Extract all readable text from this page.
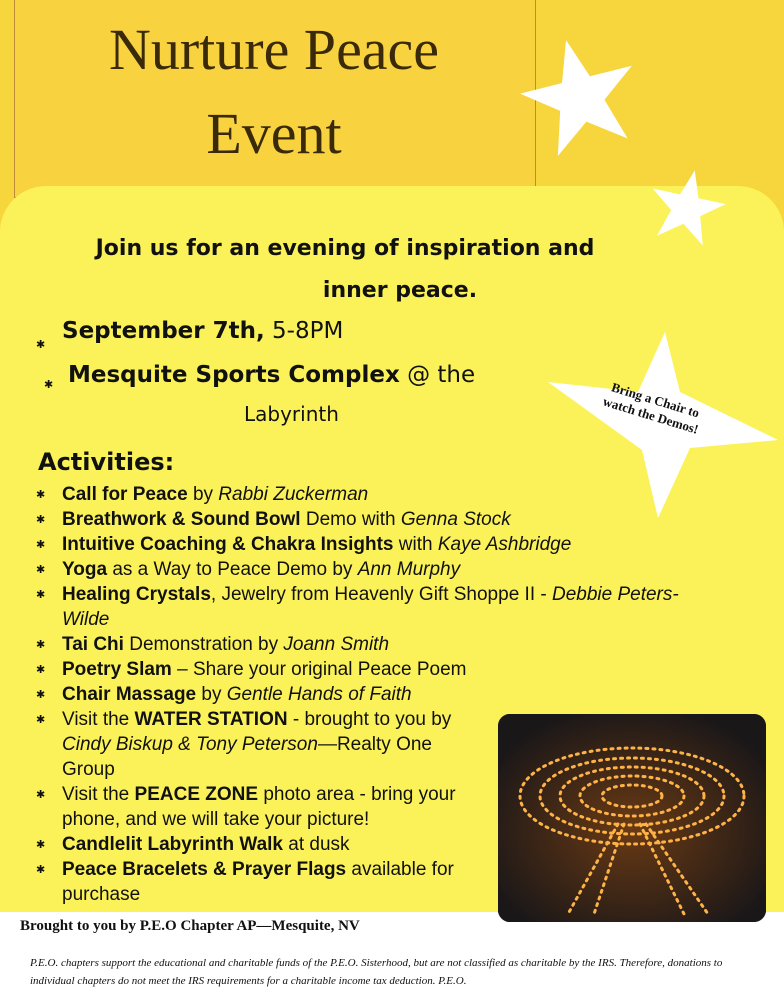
Nurture Peace
Event
Bring a Chair to watch the Demos!
Join us for an evening of inspiration and
inner peace.
✱
September 7th, 5-8PM
✱ Mesquite Sports Complex @ the
Labyrinth
Activities:
✱ Call for Peace by Rabbi Zuckerman
✱ Breathwork & Sound Bowl Demo with Genna Stock
✱ Intuitive Coaching & Chakra Insights with Kaye Ashbridge
✱ Yoga as a Way to Peace Demo by Ann Murphy
✱ Healing Crystals, Jewelry from Heavenly Gift Shoppe II - Debbie Peters-Wilde
✱ Tai Chi Demonstration by Joann Smith
✱ Poetry Slam – Share your original Peace Poem
✱ Chair Massage by Gentle Hands of Faith
✱ Visit the WATER STATION - brought to you by Cindy Biskup & Tony Peterson—Realty One Group
✱ Visit the PEACE ZONE photo area - bring your phone, and we will take your picture!
✱ Candlelit Labyrinth Walk at dusk
✱ Peace Bracelets & Prayer Flags available for purchase
Brought to you by P.E.O Chapter AP—Mesquite, NV
P.E.O. chapters support the educational and charitable funds of the P.E.O. Sisterhood, but are not classified as charitable by the IRS. Therefore, donations to individual chapters do not meet the IRS requirements for a charitable income tax deduction. P.E.O.
